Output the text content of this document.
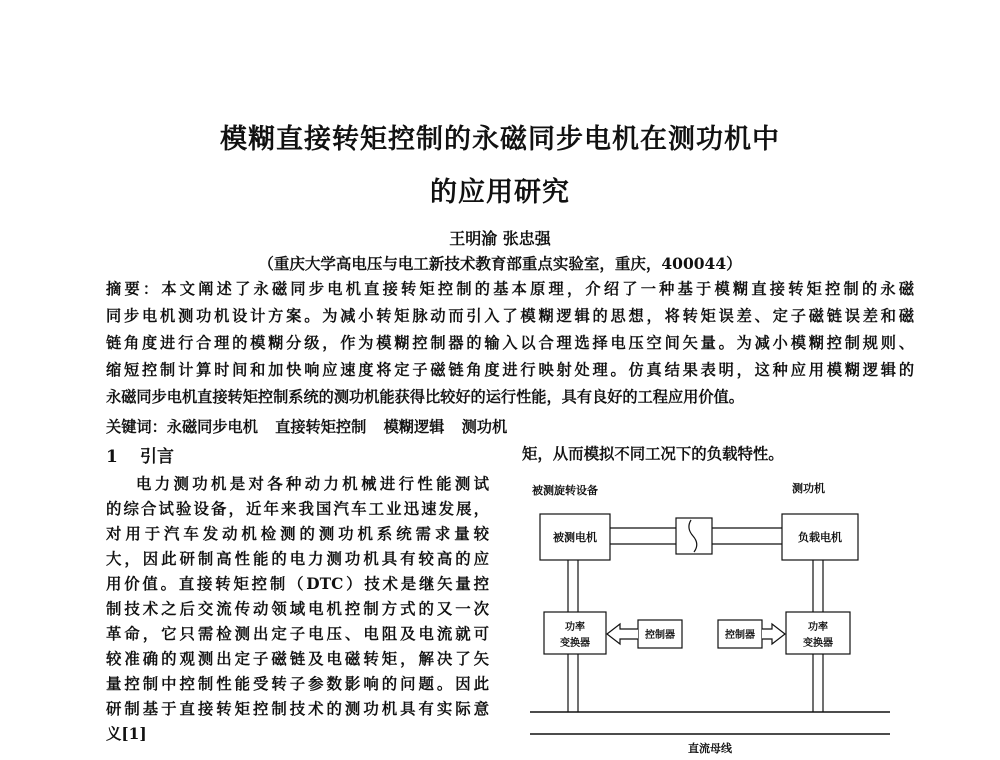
模糊直接转矩控制的永磁同步电机在测功机中
的应用研究
王明渝 张忠强
（重庆大学高电压与电工新技术教育部重点实验室，重庆，400044）
摘要：本文阐述了永磁同步电机直接转矩控制的基本原理，介绍了一种基于模糊直接转矩控制的永磁
同步电机测功机设计方案。为减小转矩脉动而引入了模糊逻辑的思想，将转矩误差、定子磁链误差和磁
链角度进行合理的模糊分级，作为模糊控制器的输入以合理选择电压空间矢量。为减小模糊控制规则、
缩短控制计算时间和加快响应速度将定子磁链角度进行映射处理。仿真结果表明，这种应用模糊逻辑的
永磁同步电机直接转矩控制系统的测功机能获得比较好的运行性能，具有良好的工程应用价值。
关键词：永磁同步电机 直接转矩控制 模糊逻辑 测功机
1 引言
电力测功机是对各种动力机械进行性能测试
的综合试验设备，近年来我国汽车工业迅速发展，
对用于汽车发动机检测的测功机系统需求量较
大，因此研制高性能的电力测功机具有较高的应
用价值。直接转矩控制（DTC）技术是继矢量控
制技术之后交流传动领域电机控制方式的又一次
革命，它只需检测出定子电压、电阻及电流就可
较准确的观测出定子磁链及电磁转矩，解决了矢
量控制中控制性能受转子参数影响的问题。因此
研制基于直接转矩控制技术的测功机具有实际意
义[1]
矩，从而模拟不同工况下的负载特性。
被测旋转设备	测功机
被测电机	负载电机
功率
变换器
功率
变换器
控制器	控制器
直流母线
